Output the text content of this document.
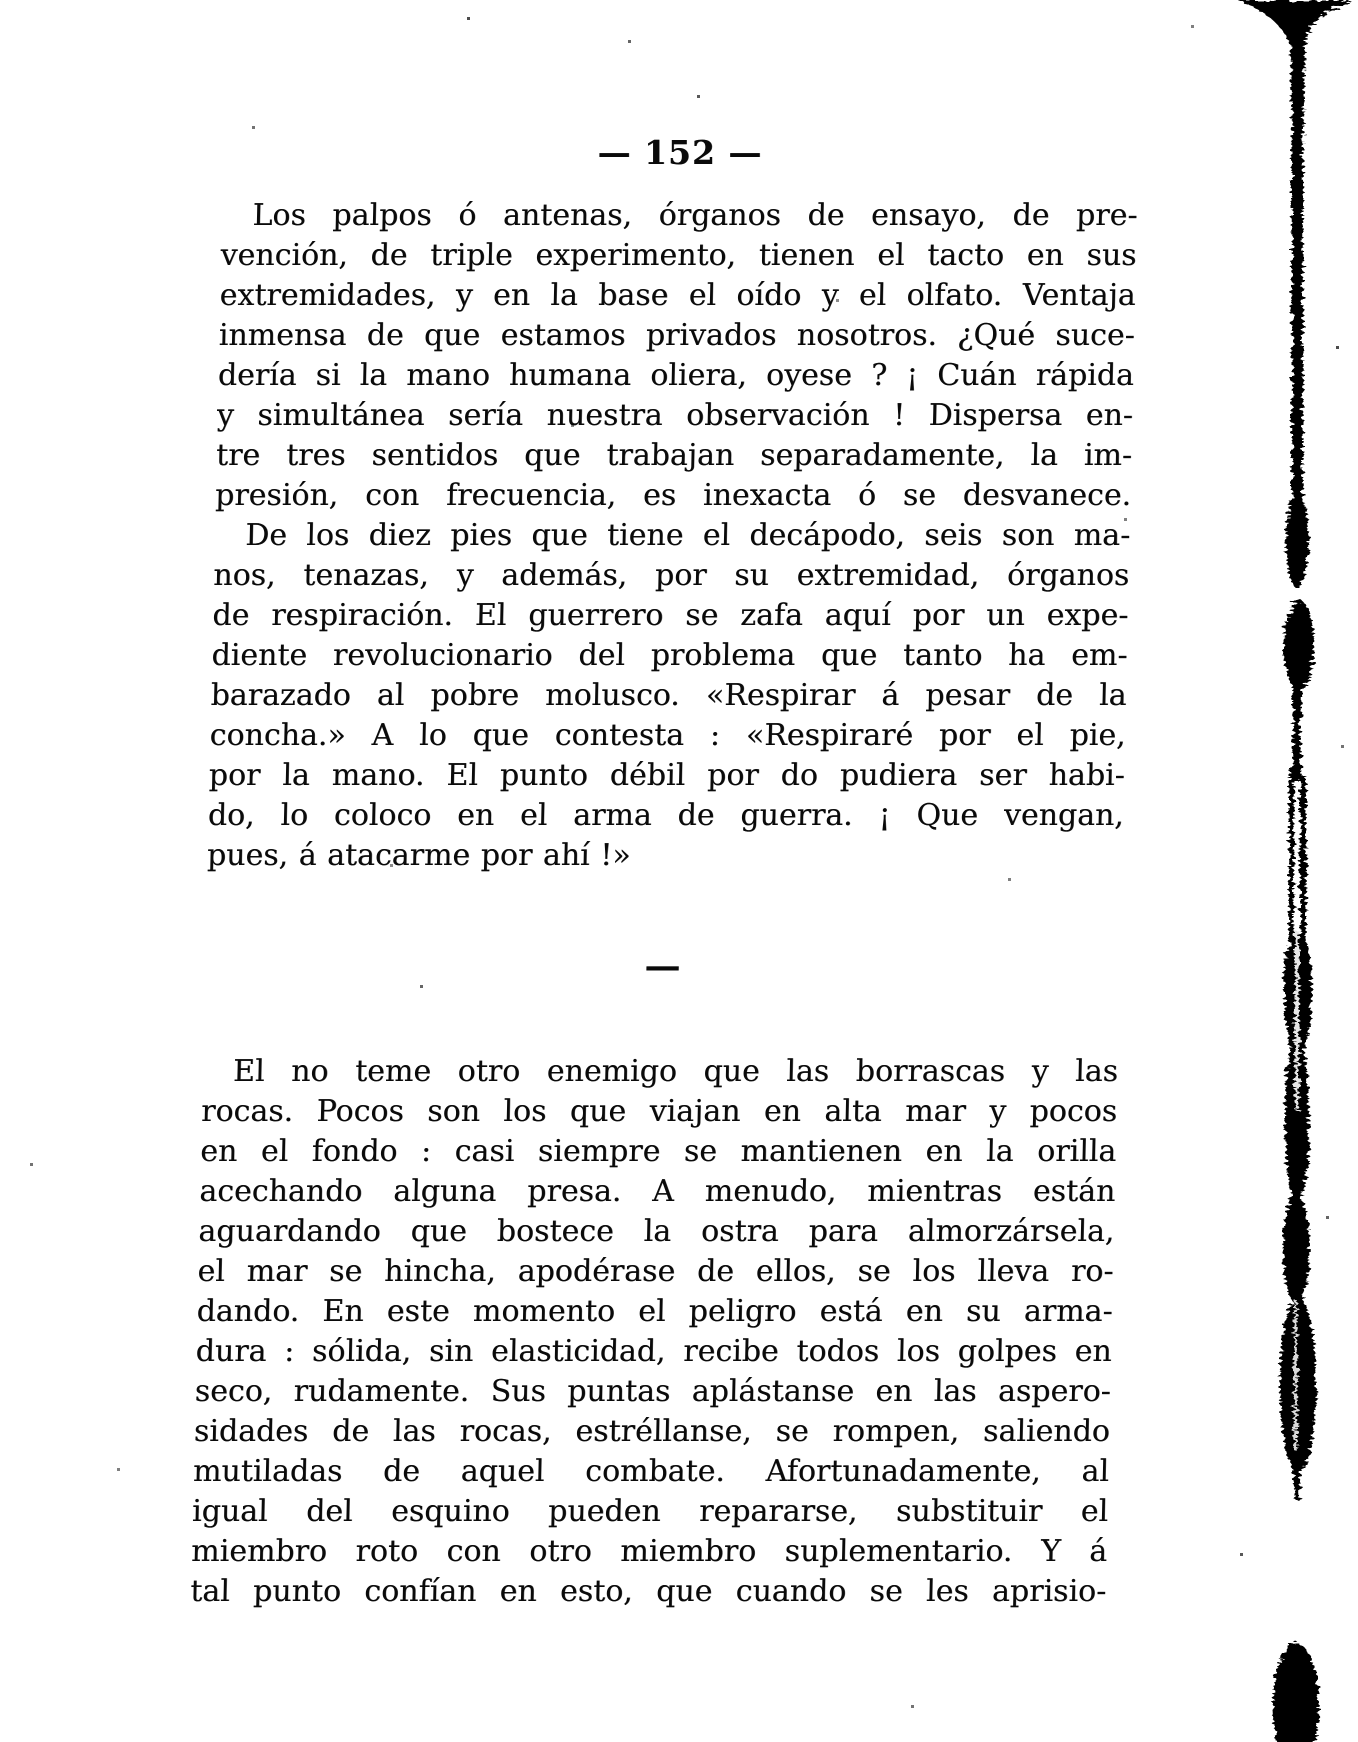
— 152 —
Los palpos ó antenas, órganos de ensayo, de pre-
vención, de triple experimento, tienen el tacto en sus
extremidades, y en la base el oído y el olfato. Ventaja
inmensa de que estamos privados nosotros. ¿Qué suce-
dería si la mano humana oliera, oyese ? ¡ Cuán rápida
y simultánea sería nuestra observación ! Dispersa en-
tre tres sentidos que trabajan separadamente, la im-
presión, con frecuencia, es inexacta ó se desvanece.
De los diez pies que tiene el decápodo, seis son ma-
nos, tenazas, y además, por su extremidad, órganos
de respiración. El guerrero se zafa aquí por un expe-
diente revolucionario del problema que tanto ha em-
barazado al pobre molusco. «Respirar á pesar de la
concha.» A lo que contesta : «Respiraré por el pie,
por la mano. El punto débil por do pudiera ser habi-
do, lo coloco en el arma de guerra. ¡ Que vengan,
pues, á atacarme por ahí !»
—
El no teme otro enemigo que las borrascas y las
rocas. Pocos son los que viajan en alta mar y pocos
en el fondo : casi siempre se mantienen en la orilla
acechando alguna presa. A menudo, mientras están
aguardando que bostece la ostra para almorzársela,
el mar se hincha, apodérase de ellos, se los lleva ro-
dando. En este momento el peligro está en su arma-
dura : sólida, sin elasticidad, recibe todos los golpes en
seco, rudamente. Sus puntas aplástanse en las aspero-
sidades de las rocas, estréllanse, se rompen, saliendo
mutiladas de aquel combate. Afortunadamente, al
igual del esquino pueden repararse, substituir el
miembro roto con otro miembro suplementario. Y á
tal punto confían en esto, que cuando se les aprisio-
